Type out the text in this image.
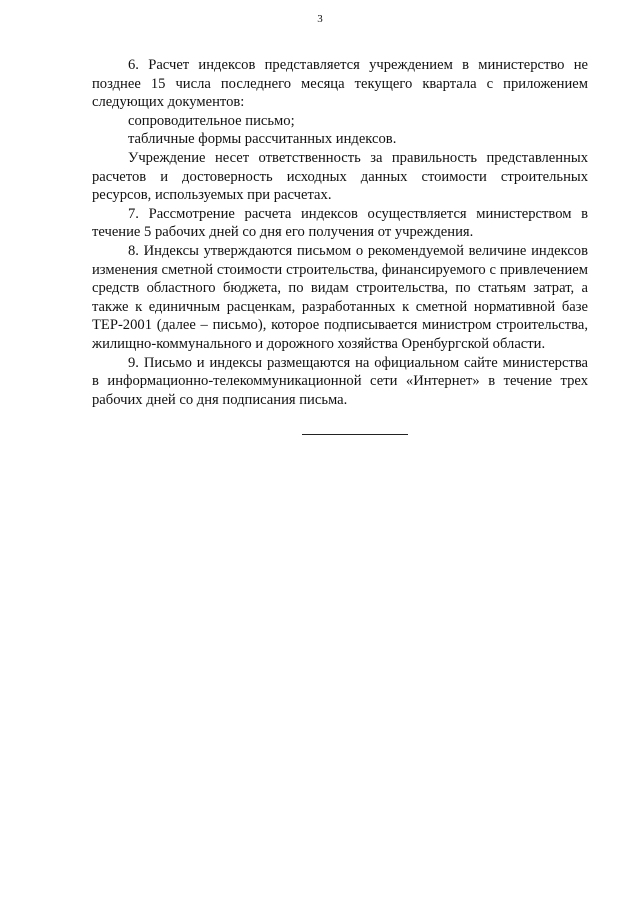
3

6. Расчет индексов представляется учреждением в министерство не позднее 15 числа последнего месяца текущего квартала с приложением следующих документов:

сопроводительное письмо;

табличные формы рассчитанных индексов.

Учреждение несет ответственность за правильность представленных расчетов и достоверность исходных данных стоимости строительных ресурсов, используемых при расчетах.

7. Рассмотрение расчета индексов осуществляется министерством в течение 5 рабочих дней со дня его получения от учреждения.

8. Индексы утверждаются письмом о рекомендуемой величине индексов изменения сметной стоимости строительства, финансируемого с привлечением средств областного бюджета, по видам строительства, по статьям затрат, а также к единичным расценкам, разработанных к сметной нормативной базе ТЕР-2001 (далее – письмо), которое подписывается министром строительства, жилищно-коммунального и дорожного хозяйства Оренбургской области.

9. Письмо и индексы размещаются на официальном сайте министерства в информационно-телекоммуникационной сети «Интернет» в течение трех рабочих дней со дня подписания письма.
